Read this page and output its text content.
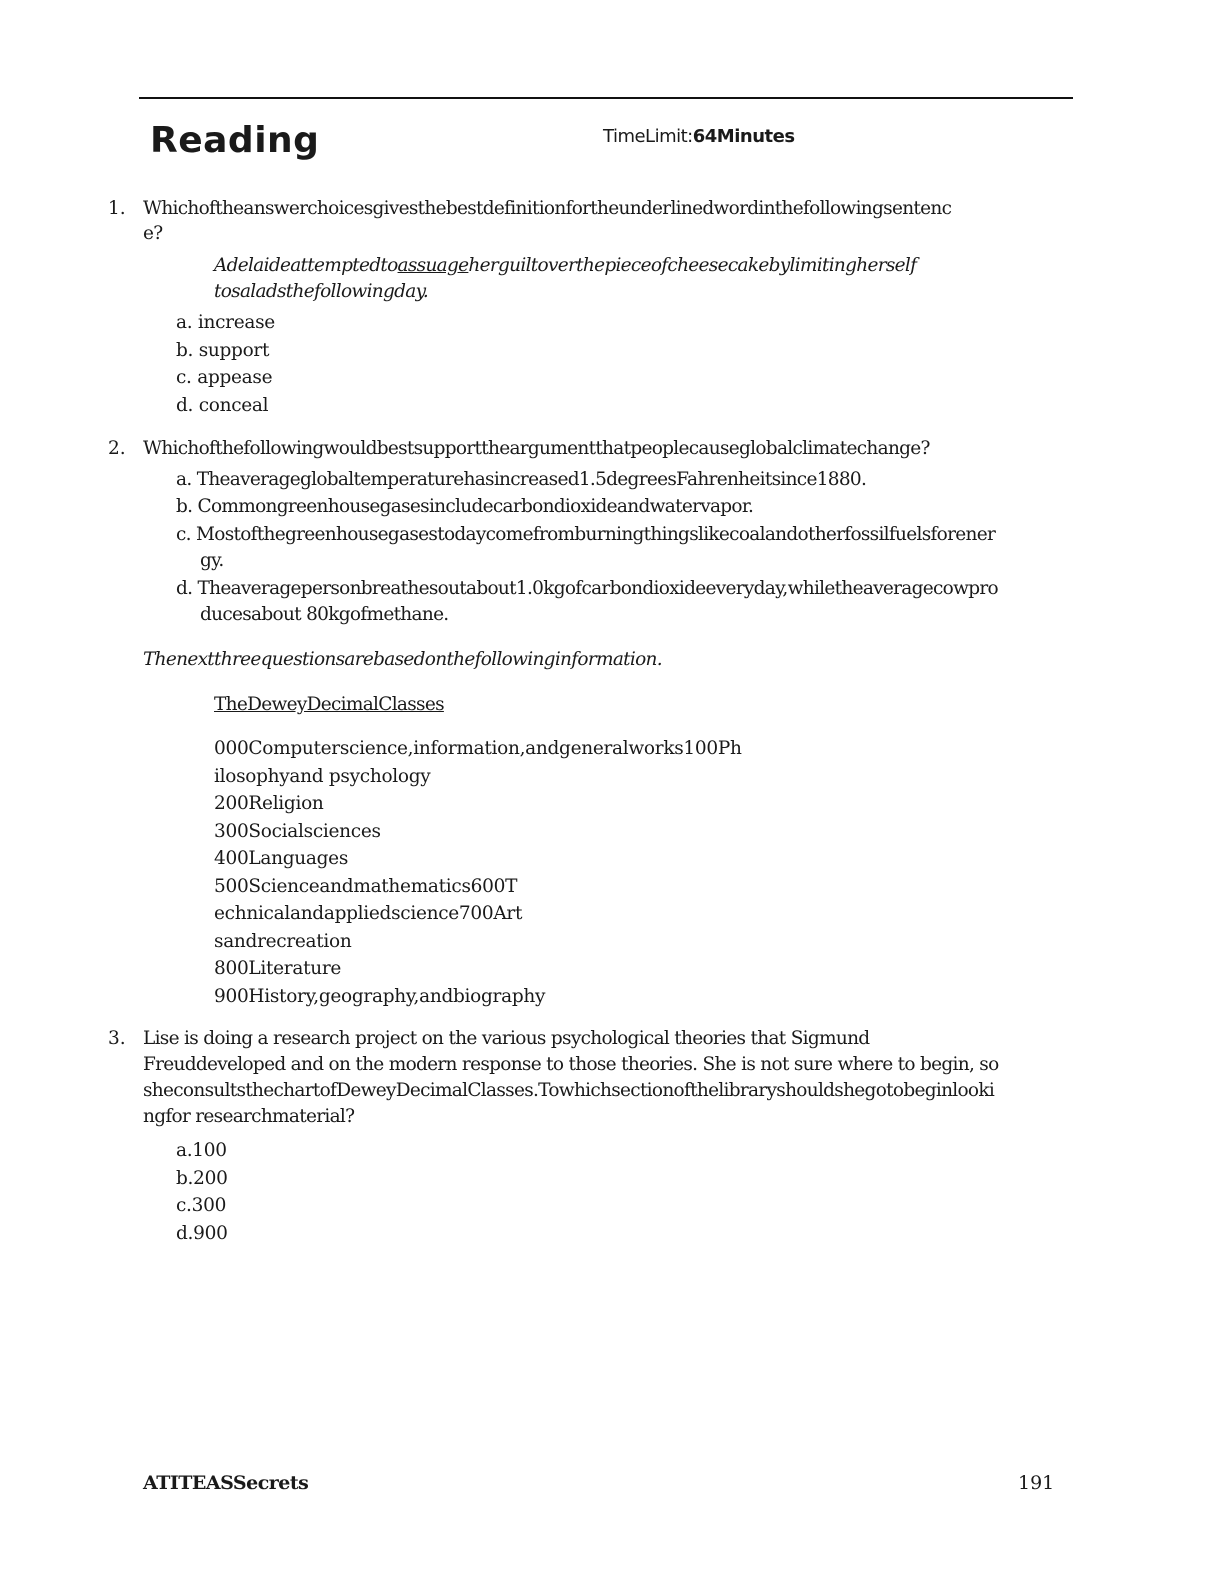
Reading	TimeLimit:64Minutes
1. Whichoftheanswerchoicesgivesthebestdefinitionfortheunderlinedwordinthefollowingsentenc
e?
Adelaideattemptedtoassuageherguiltoverthepieceofcheesecakebylimitingherself
tosaladsthefollowingday.
a. increase
b. support
c. appease
d. conceal
2. Whichofthefollowingwouldbestsupporttheargumentthatpeoplecauseglobalclimatechange?
a. Theaverageglobaltemperaturehasincreased1.5degreesFahrenheitsince1880.
b. Commongreenhousegasesincludecarbondioxideandwatervapor.
c. Mostofthegreenhousegasestodaycomefromburningthingslikecoalandotherfossilfuelsforener
gy.
d. Theaveragepersonbreathesoutabout1.0kgofcarbondioxideeveryday,whiletheaveragecowpro
ducesabout 80kgofmethane.
Thenextthreequestionsarebasedonthefollowinginformation.
TheDeweyDecimalClasses
000Computerscience,information,andgeneralworks100Ph
ilosophyand psychology
200Religion
300Socialsciences
400Languages
500Scienceandmathematics600T
echnicalandappliedscience700Art
sandrecreation
800Literature
900History,geography,andbiography
3. Lise is doing a research project on the various psychological theories that Sigmund
Freuddeveloped and on the modern response to those theories. She is not sure where to begin, so
sheconsultsthechartofDeweyDecimalClasses.Towhichsectionofthelibraryshouldshegotobeginlooki
ngfor researchmaterial?
a.100
b.200
c.300
d.900
ATITEASSecrets	191
